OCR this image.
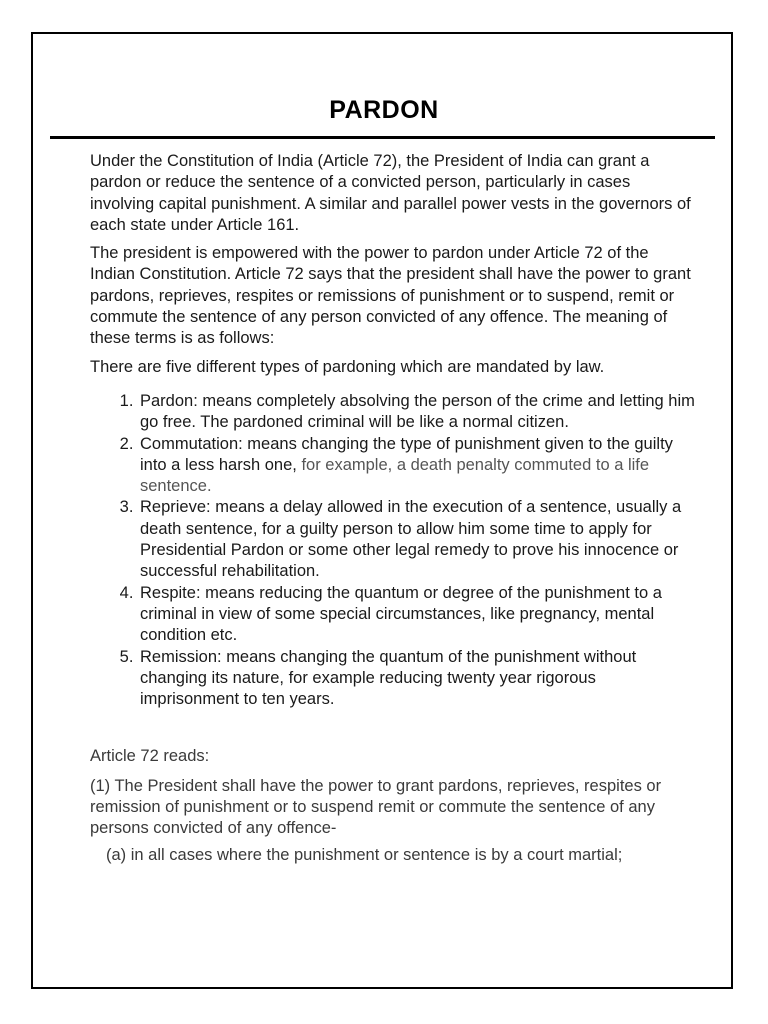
PARDON

Under the Constitution of India (Article 72), the President of India can grant a pardon or reduce the sentence of a convicted person, particularly in cases involving capital punishment. A similar and parallel power vests in the governors of each state under Article 161.

The president is empowered with the power to pardon under Article 72 of the Indian Constitution. Article 72 says that the president shall have the power to grant pardons, reprieves, respites or remissions of punishment or to suspend, remit or commute the sentence of any person convicted of any offence. The meaning of these terms is as follows:

There are five different types of pardoning which are mandated by law.

1. Pardon: means completely absolving the person of the crime and letting him go free. The pardoned criminal will be like a normal citizen.
2. Commutation: means changing the type of punishment given to the guilty into a less harsh one, for example, a death penalty commuted to a life sentence.
3. Reprieve: means a delay allowed in the execution of a sentence, usually a death sentence, for a guilty person to allow him some time to apply for Presidential Pardon or some other legal remedy to prove his innocence or successful rehabilitation.
4. Respite: means reducing the quantum or degree of the punishment to a criminal in view of some special circumstances, like pregnancy, mental condition etc.
5. Remission: means changing the quantum of the punishment without changing its nature, for example reducing twenty year rigorous imprisonment to ten years.

Article 72 reads:

(1) The President shall have the power to grant pardons, reprieves, respites or remission of punishment or to suspend remit or commute the sentence of any persons convicted of any offence-

(a) in all cases where the punishment or sentence is by a court martial;
